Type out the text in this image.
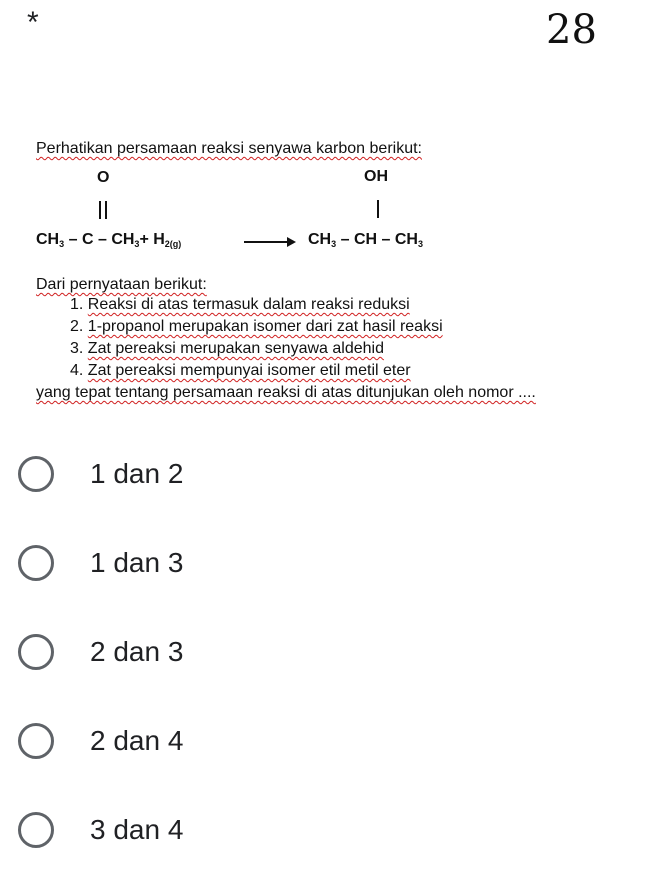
*	28
Perhatikan persamaan reaksi senyawa karbon berikut:
O
$CH_3 - C - CH_3+ H_{2(g)}$
OH
$CH_3$ – CH – $CH_3$
Dari pernyataan berikut:
1. Reaksi di atas termasuk dalam reaksi reduksi
2. 1-propanol merupakan isomer dari zat hasil reaksi
3. Zat pereaksi merupakan senyawa aldehid
4. Zat pereaksi mempunyai isomer etil metil eter
yang tepat tentang persamaan reaksi di atas ditunjukan oleh nomor ....
1 dan 2
1 dan 3
2 dan 3
2 dan 4
3 dan 4
